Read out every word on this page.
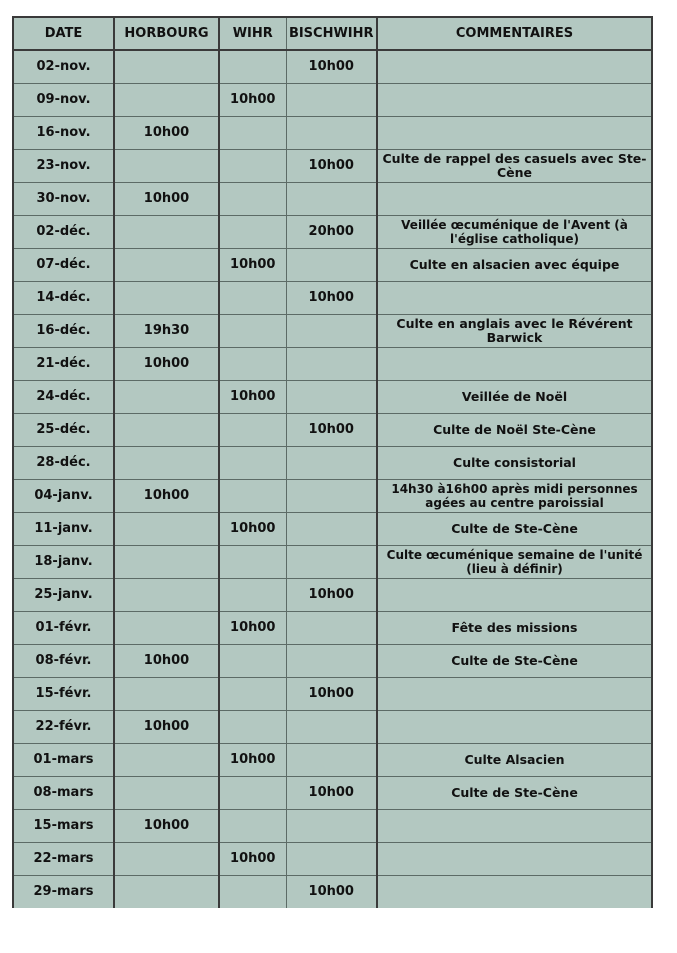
DATE	HORBOURG	WIHR	BISCHWIHR	COMMENTAIRES
02-nov.			10h00	
09-nov.		10h00		
16-nov.	10h00			
23-nov.			10h00	Culte de rappel des casuels avec Ste-Cène
30-nov.	10h00			
02-déc.			20h00	Veillée œcuménique de l'Avent (à l'église catholique)
07-déc.		10h00		Culte en alsacien avec équipe
14-déc.			10h00	
16-déc.	19h30			Culte en anglais avec le Révérent Barwick
21-déc.	10h00			
24-déc.		10h00		Veillée de Noël
25-déc.			10h00	Culte de Noël Ste-Cène
28-déc.				Culte consistorial
04-janv.	10h00			14h30 à16h00 après midi personnes agées au centre paroissial
11-janv.		10h00		Culte de Ste-Cène
18-janv.				Culte œcuménique semaine de l'unité (lieu à définir)
25-janv.			10h00	
01-févr.		10h00		Fête des missions
08-févr.	10h00			Culte de Ste-Cène
15-févr.			10h00	
22-févr.	10h00			
01-mars		10h00		Culte Alsacien
08-mars			10h00	Culte de Ste-Cène
15-mars	10h00			
22-mars		10h00		
29-mars			10h00	
